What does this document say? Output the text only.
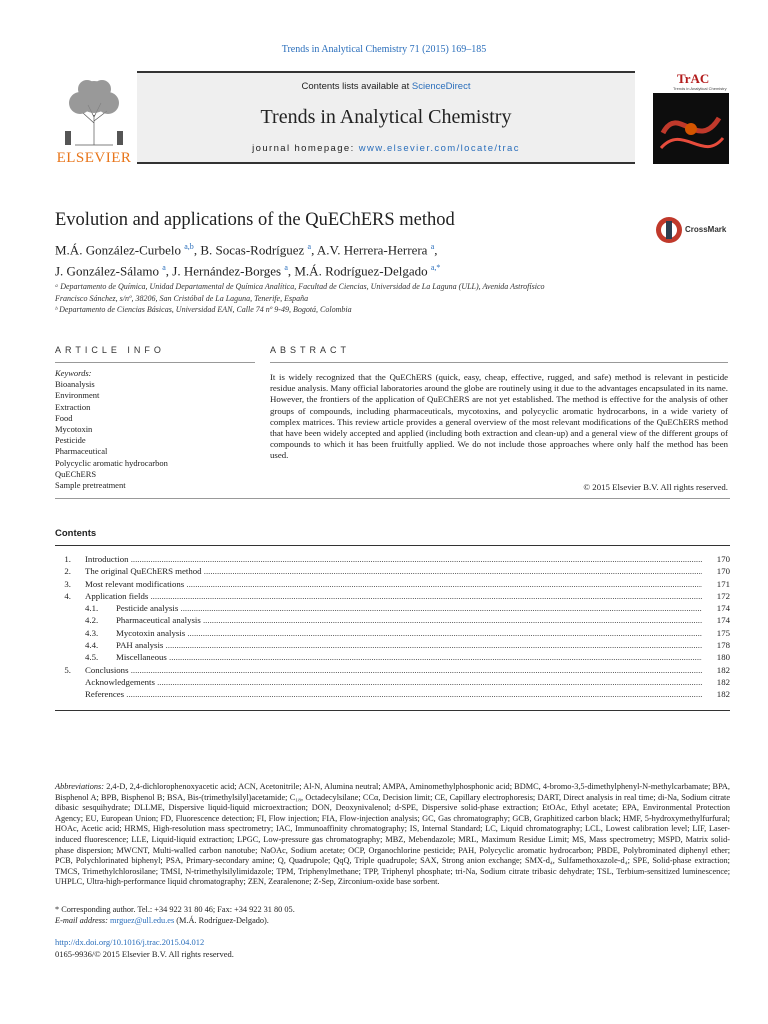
Trends in Analytical Chemistry 71 (2015) 169–185
ELSEVIER
Contents lists available at ScienceDirect
Trends in Analytical Chemistry
journal homepage: www.elsevier.com/locate/trac
TrAC
Trends in Analytical Chemistry
Evolution and applications of the QuEChERS method	CrossMark
M.Á. González-Curbelo $^{a,b}$, B. Socas-Rodríguez $^a$, A.V. Herrera-Herrera $^a$,
J. González-Sálamo $^a$, J. Hernández-Borges $^a$, M.Á. Rodríguez-Delgado $^{a,*}$
ᵃ Departamento de Química, Unidad Departamental de Química Analítica, Facultad de Ciencias, Universidad de La Laguna (ULL), Avenida Astrofísico
Francisco Sánchez, s/nº, 38206, San Cristóbal de La Laguna, Tenerife, España
ᵇ Departamento de Ciencias Básicas, Universidad EAN, Calle 74 nº 9-49, Bogotá, Colombia
ARTICLE INFO	ABSTRACT
Keywords:
Bioanalysis
Environment
Extraction
Food
Mycotoxin
Pesticide
Pharmaceutical
Polycyclic aromatic hydrocarbon
QuEChERS
Sample pretreatment
It is widely recognized that the QuEChERS (quick, easy, cheap, effective, rugged, and safe) method is relevant in pesticide residue analysis. Many official laboratories around the globe are routinely using it due to the advantages encapsulated in its name. However, the frontiers of the application of QuEChERS are not yet established. The method is effective for the analysis of other groups of compounds, including pharmaceuticals, mycotoxins, and polycyclic aromatic hydrocarbons, in a wide variety of complex matrices. This review article provides a general overview of the most relevant modifications of the QuEChERS method that have been widely accepted and applied (including both extraction and clean-up) and a general view of the different groups of compounds to which it has been fruitfully applied. We do not include those approaches where only half the method has been used.
© 2015 Elsevier B.V. All rights reserved.
Contents
1. Introduction .....	170
2. The original QuEChERS method .....	170
3. Most relevant modifications .....	171
4. Application fields .....	172
4.1. Pesticide analysis .....	174
4.2. Pharmaceutical analysis .....	174
4.3. Mycotoxin analysis .....	175
4.4. PAH analysis .....	178
4.5. Miscellaneous .....	180
5. Conclusions .....	182
Acknowledgements .....	182
References .....	182
Abbreviations: 2,4-D, 2,4-dichlorophenoxyacetic acid; ACN, Acetonitrile; Al-N, Alumina neutral; AMPA, Aminomethylphosphonic acid; BDMC, 4-bromo-3,5-dimethylphenyl-N-methylcarbamate; BPA, Bisphenol A; BPB, Bisphenol B; BSA, Bis-(trimethylsilyl)acetamide; C₁₈, Octadecylsilane; CCα, Decision limit; CE, Capillary electrophoresis; DART, Direct analysis in real time; di-Na, Sodium citrate dibasic sesquihydrate; DLLME, Dispersive liquid-liquid microextraction; DON, Deoxynivalenol; d-SPE, Dispersive solid-phase extraction; EtOAc, Ethyl acetate; EPA, Environmental Protection Agency; EU, European Union; FD, Fluorescence detection; FI, Flow injection; FIA, Flow-injection analysis; GC, Gas chromatography; GCB, Graphitized carbon black; HMF, 5-hydroxymethylfurfural; HOAc, Acetic acid; HRMS, High-resolution mass spectrometry; IAC, Immunoaffinity chromatography; IS, Internal Standard; LC, Liquid chromatography; LCL, Lowest calibration level; LIF, Laser-induced fluorescence; LLE, Liquid-liquid extraction; LPGC, Low-pressure gas chromatography; MBZ, Mebendazole; MRL, Maximum Residue Limit; MS, Mass spectrometry; MSPD, Matrix solid-phase dispersion; MWCNT, Multi-walled carbon nanotube; NaOAc, Sodium acetate; OCP, Organochlorine pesticide; PAH, Polycyclic aromatic hydrocarbon; PBDE, Polybrominated diphenyl ether; PCB, Polychlorinated biphenyl; PSA, Primary-secondary amine; Q, Quadrupole; QqQ, Triple quadrupole; SAX, Strong anion exchange; SMX-d₄, Sulfamethoxazole-d₄; SPE, Solid-phase extraction; TMCS, Trimethylchlorosilane; TMSI, N-trimethylsilylimidazole; TPM, Triphenylmethane; TPP, Triphenyl phosphate; tri-Na, Sodium citrate tribasic dehydrate; TSL, Terbium-sensitized luminescence; UHPLC, Ultra-high-performance liquid chromatography; ZEN, Zearalenone; Z-Sep, Zirconium-oxide base sorbent.
* Corresponding author. Tel.: +34 922 31 80 46; Fax: +34 922 31 80 05.
E-mail address: mrguez@ull.edu.es (M.Á. Rodríguez-Delgado).
http://dx.doi.org/10.1016/j.trac.2015.04.012
0165-9936/© 2015 Elsevier B.V. All rights reserved.
